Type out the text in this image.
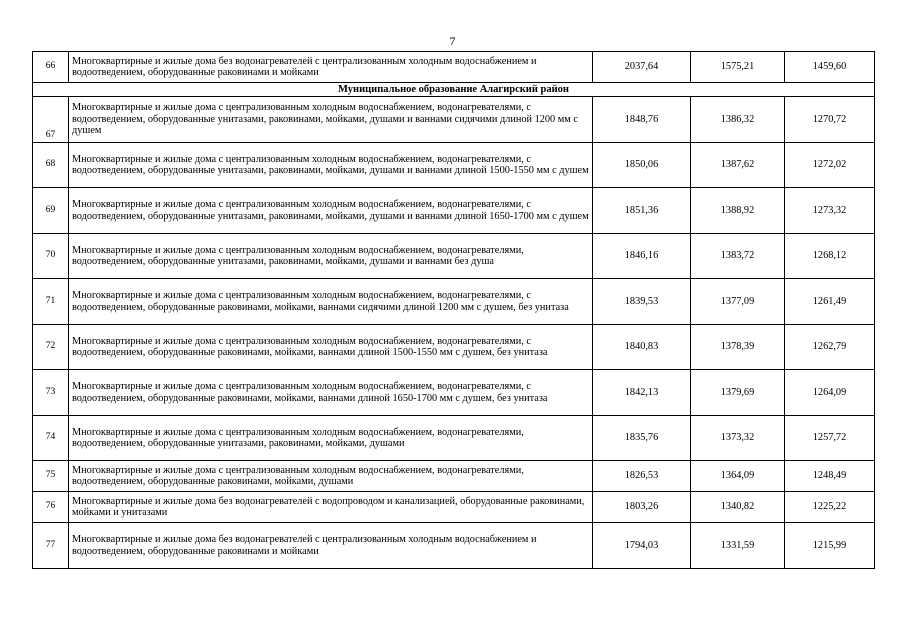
7
66	Многоквартирные и жилые дома без водонагревателей с централизованным холодным водоснабжением и водоотведением, оборудованные раковинами и мойками	2037,64	1575,21	1459,60
Муниципальное образование Алагирский район				
67	Многоквартирные и жилые дома с централизованным холодным водоснабжением, водонагревателями, с водоотведением, оборудованные унитазами, раковинами, мойками, душами и ваннами сидячими длиной 1200 мм с душем	1848,76	1386,32	1270,72
68	Многоквартирные и жилые дома с централизованным холодным водоснабжением, водонагревателями, с водоотведением, оборудованные унитазами, раковинами, мойками, душами и ваннами длиной 1500-1550 мм с душем	1850,06	1387,62	1272,02
69	Многоквартирные и жилые дома с централизованным холодным водоснабжением, водонагревателями, с водоотведением, оборудованные унитазами, раковинами, мойками, душами и ваннами длиной 1650-1700 мм с душем	1851,36	1388,92	1273,32
70	Многоквартирные и жилые дома с централизованным холодным водоснабжением, водонагревателями, водоотведением, оборудованные унитазами, раковинами, мойками, душами и ваннами без душа	1846,16	1383,72	1268,12
71	Многоквартирные и жилые дома с централизованным холодным водоснабжением, водонагревателями, с водоотведением, оборудованные раковинами, мойками, ваннами сидячими длиной 1200 мм с душем, без унитаза	1839,53	1377,09	1261,49
72	Многоквартирные и жилые дома с централизованным холодным водоснабжением, водонагревателями, с водоотведением, оборудованные раковинами, мойками, ваннами длиной 1500-1550 мм с душем, без унитаза	1840,83	1378,39	1262,79
73	Многоквартирные и жилые дома с централизованным холодным водоснабжением, водонагревателями, с водоотведением, оборудованные раковинами, мойками, ваннами длиной 1650-1700 мм с душем, без унитаза	1842,13	1379,69	1264,09
74	Многоквартирные и жилые дома с централизованным холодным водоснабжением, водонагревателями, водоотведением, оборудованные унитазами, раковинами, мойками, душами	1835,76	1373,32	1257,72
75	Многоквартирные и жилые дома с централизованным холодным водоснабжением, водонагревателями, водоотведением, оборудованные раковинами, мойками, душами	1826,53	1364,09	1248,49
76	Многоквартирные и жилые дома без водонагревателей с водопроводом и канализацией, оборудованные раковинами, мойками и унитазами	1803,26	1340,82	1225,22
77	Многоквартирные и жилые дома без водонагревателей с централизованным холодным водоснабжением и водоотведением, оборудованные раковинами и мойками	1794,03	1331,59	1215,99
